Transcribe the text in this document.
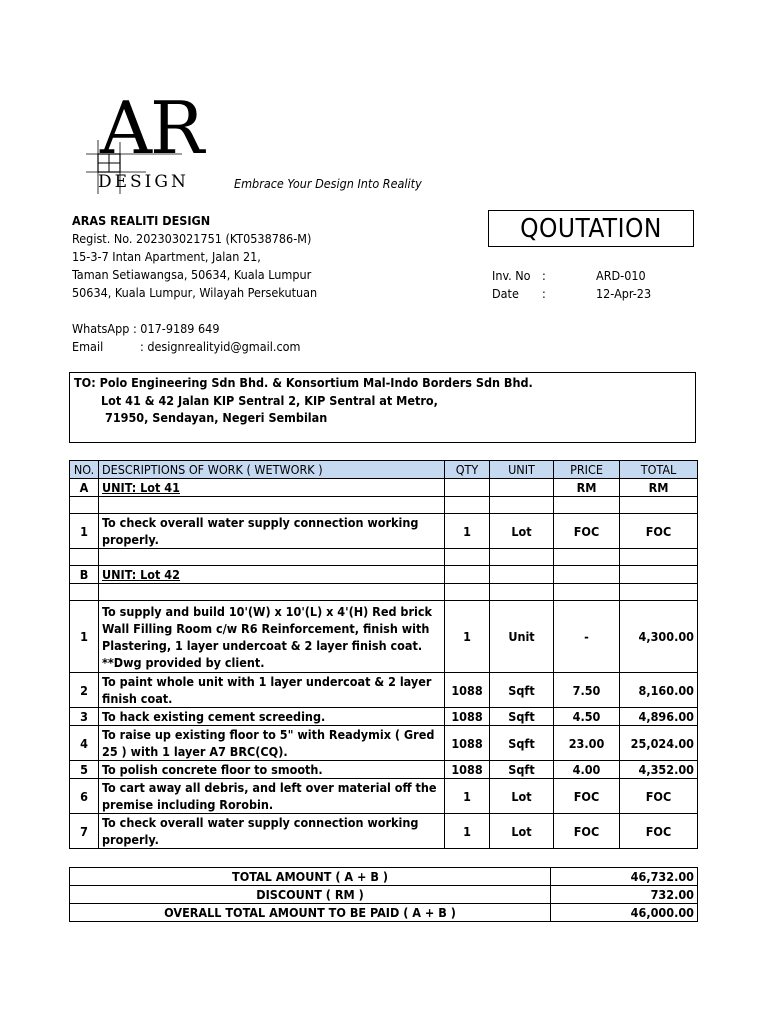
AR
DESIGN	Embrace Your Design Into Reality
ARAS REALITI DESIGN
Regist. No. 202303021751 (KT0538786-M)
15-3-7 Intan Apartment, Jalan 21,
Taman Setiawangsa, 50634, Kuala Lumpur
50634, Kuala Lumpur, Wilayah Persekutuan
WhatsApp : 017-9189 649
Email	: designrealityid@gmail.com
QOUTATION
Inv. No :	ARD-010
Date :	12-Apr-23
TO: Polo Engineering Sdn Bhd. & Konsortium Mal-Indo Borders Sdn Bhd.
Lot 41 & 42 Jalan KIP Sentral 2, KIP Sentral at Metro,
71950, Sendayan, Negeri Sembilan
NO.	DESCRIPTIONS OF WORK ( WETWORK )	QTY	UNIT	PRICE	TOTAL
A	UNIT: Lot 41			RM	RM

1	To check overall water supply connection working properly.	1	Lot	FOC	FOC

B	UNIT: Lot 42				

1	To supply and build 10'(W) x 10'(L) x 4'(H) Red brick Wall Filling Room c/w R6 Reinforcement, finish with Plastering, 1 layer undercoat & 2 layer finish coat. **Dwg provided by client.	1	Unit	-	4,300.00
2	To paint whole unit with 1 layer undercoat & 2 layer finish coat.	1088	Sqft	7.50	8,160.00
3	To hack existing cement screeding.	1088	Sqft	4.50	4,896.00
4	To raise up existing floor to 5" with Readymix ( Gred 25 ) with 1 layer A7 BRC(CQ).	1088	Sqft	23.00	25,024.00
5	To polish concrete floor to smooth.	1088	Sqft	4.00	4,352.00
6	To cart away all debris, and left over material off the premise including Rorobin.	1	Lot	FOC	FOC
7	To check overall water supply connection working properly.	1	Lot	FOC	FOC
TOTAL AMOUNT ( A + B )	46,732.00
DISCOUNT ( RM )	732.00
OVERALL TOTAL AMOUNT TO BE PAID ( A + B )	46,000.00
